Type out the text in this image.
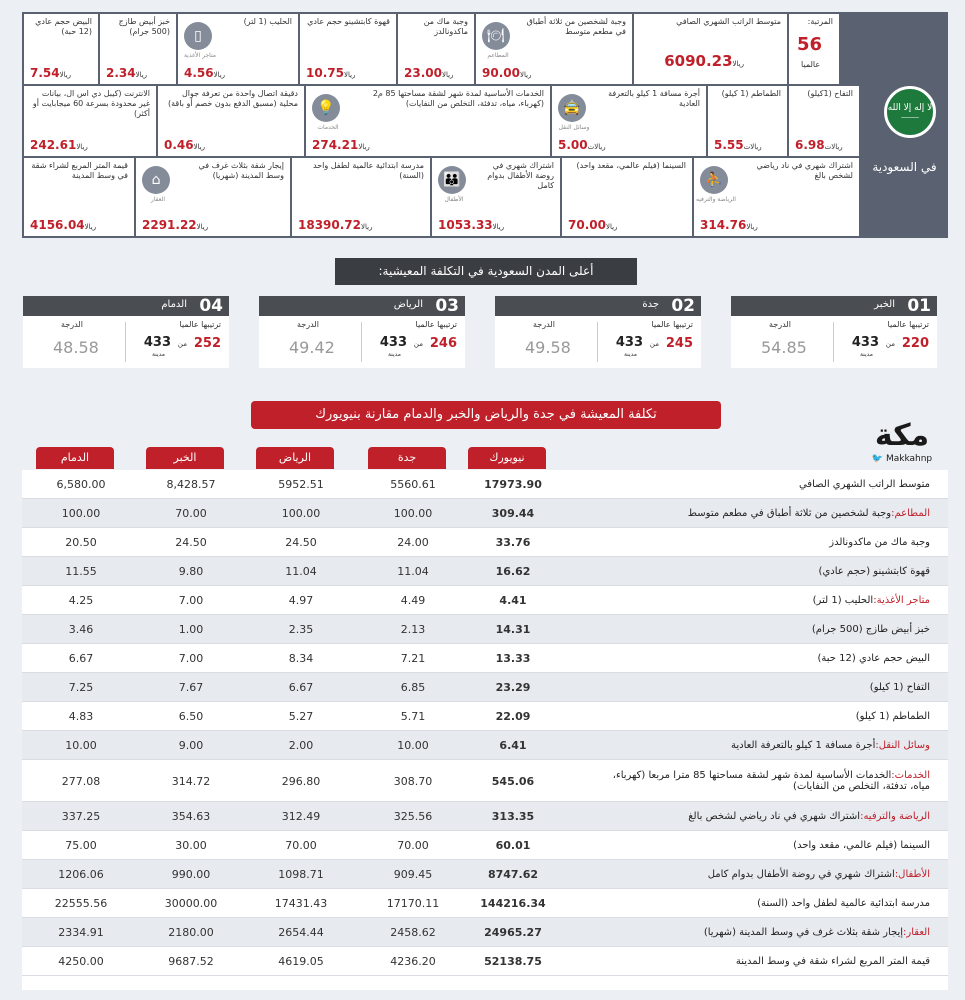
لا إله إلا الله
⸺
في السعودية
المرتبة:
56
عالميا
متوسط الراتب الشهري الصافي
ريالا6090.23
وجبة لشخصين من ثلاثة أطباق في مطعم متوسط
🍽
المطاعم
ريالا90.00
وجبة ماك من ماكدونالدز
ريالا23.00
قهوة كابتشينو حجم عادي
ريالا10.75
الحليب (1 لتر)
▯
متاجر الأغذية
ريالا4.56
خبز أبيض طازج (500 جرام)
ريالا2.34
البيض حجم عادي (12 حبة)
ريالا7.54
التفاح (1كيلو)
ريالات6.98
الطماطم (1 كيلو)
ريالات5.55
أجرة مسافة 1 كيلو بالتعرفة العادية
🚖
وسائل النقل
ريالات5.00
الخدمات الأساسية لمدة شهر لشقة مساحتها 85 م2 (كهرباء، مياه، تدفئة، التخلص من النفايات)
💡
الخدمات
ريالا274.21
دقيقة اتصال واحدة من تعرفة جوال محلية (مسبق الدفع بدون خصم أو باقة)
ريالا0.46
الانترنت (كيبل دي اس ال، بيانات غير محدودة بسرعة 60 ميجابايت أو أكثر)
ريالا242.61
اشتراك شهري في ناد رياضي لشخص بالغ
⛹
الرياضة والترفيه
ريالا314.76
السينما (فيلم عالمي، مقعد واحد)
ريالا70.00
اشتراك شهري في روضة الأطفال بدوام كامل
👪
الأطفال
ريالا1053.33
مدرسة ابتدائية عالمية لطفل واحد (السنة)
ريالا18390.72
إيجار شقة بثلاث غرف في وسط المدينة (شهريا)
⌂
العقار
ريالا2291.22
قيمة المتر المربع لشراء شقة في وسط المدينة
ريالا4156.04
أعلى المدن السعودية في التكلفة المعيشية:
01
الخبر
ترتيبها عالميا
الدرجة
220
من
433
مدينة
54.85
02
جدة
ترتيبها عالميا
الدرجة
245
من
433
مدينة
49.58
03
الرياض
ترتيبها عالميا
الدرجة
246
من
433
مدينة
49.42
04
الدمام
ترتيبها عالميا
الدرجة
252
من
433
مدينة
48.58
مكة
🐦 Makkahnp
تكلفة المعيشة في جدة والرياض والخبر والدمام مقارنة بنيويورك
نيويورك
جدة
الرياض
الخبر
الدمام
متوسط الراتب الشهري الصافي
17973.90
5560.61
5952.51
8,428.57
6,580.00
المطاعم:وجبة لشخصين من ثلاثة أطباق في مطعم متوسط
309.44
100.00
100.00
70.00
100.00
وجبة ماك من ماكدونالدز
33.76
24.00
24.50
24.50
20.50
قهوة كابتشينو (حجم عادي)
16.62
11.04
11.04
9.80
11.55
متاجر الأغذية:الحليب (1 لتر)
4.41
4.49
4.97
7.00
4.25
خبز أبيض طازج (500 جرام)
14.31
2.13
2.35
1.00
3.46
البيض حجم عادي (12 حبة)
13.33
7.21
8.34
7.00
6.67
التفاح (1 كيلو)
23.29
6.85
6.67
7.67
7.25
الطماطم (1 كيلو)
22.09
5.71
5.27
6.50
4.83
وسائل النقل:أجرة مسافة 1 كيلو بالتعرفة العادية
6.41
10.00
2.00
9.00
10.00
الخدمات:الخدمات الأساسية لمدة شهر لشقة مساحتها 85 مترا مربعا (كهرباء، مياه، تدفئة، التخلص من النفايات)
545.06
308.70
296.80
314.72
277.08
الرياضة والترفيه:اشتراك شهري في ناد رياضي لشخص بالغ
313.35
325.56
312.49
354.63
337.25
السينما (فيلم عالمي، مقعد واحد)
60.01
70.00
70.00
30.00
75.00
الأطفال:اشتراك شهري في روضة الأطفال بدوام كامل
8747.62
909.45
1098.71
990.00
1206.06
مدرسة ابتدائية عالمية لطفل واحد (السنة)
144216.34
17170.11
17431.43
30000.00
22555.56
العقار:إيجار شقة بثلاث غرف في وسط المدينة (شهريا)
24965.27
2458.62
2654.44
2180.00
2334.91
قيمة المتر المربع لشراء شقة في وسط المدينة
52138.75
4236.20
4619.05
9687.52
4250.00
